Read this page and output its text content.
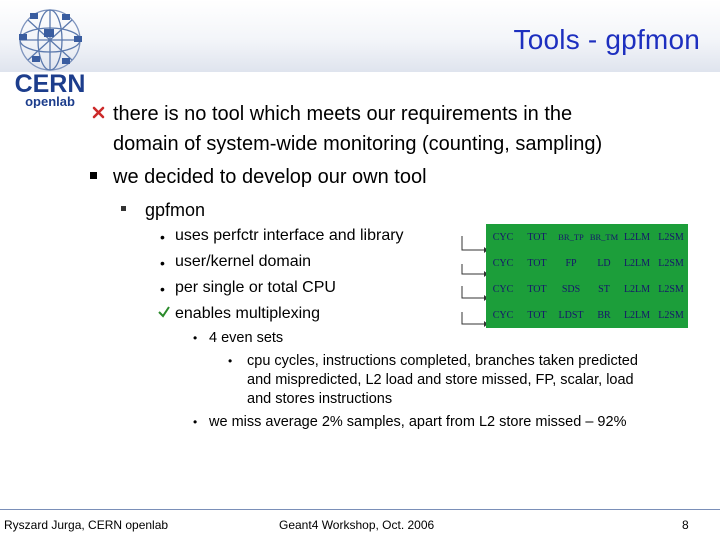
CERN
openlab
Tools - gpfmon
there is no tool which meets our requirements in the
domain of system-wide monitoring (counting, sampling)
we decided to develop our own tool
gpfmon
• uses perfctr interface and library
• user/kernel domain
• per single or total CPU
enables multiplexing
CYC	TOT	BR_TP BR_TM L2LM L2SM
CYC	TOT	FP	LD	L2LM L2SM
CYC	TOT	SDS	ST	L2LM L2SM
CYC	TOT	LDST	BR	L2LM L2SM
• 4 even sets
• cpu cycles, instructions completed, branches taken predicted
and mispredicted, L2 load and store missed, FP, scalar, load
and stores instructions
• we miss average 2% samples, apart from L2 store missed – 92%
Ryszard Jurga, CERN openlab	Geant4 Workshop, Oct. 2006	8
